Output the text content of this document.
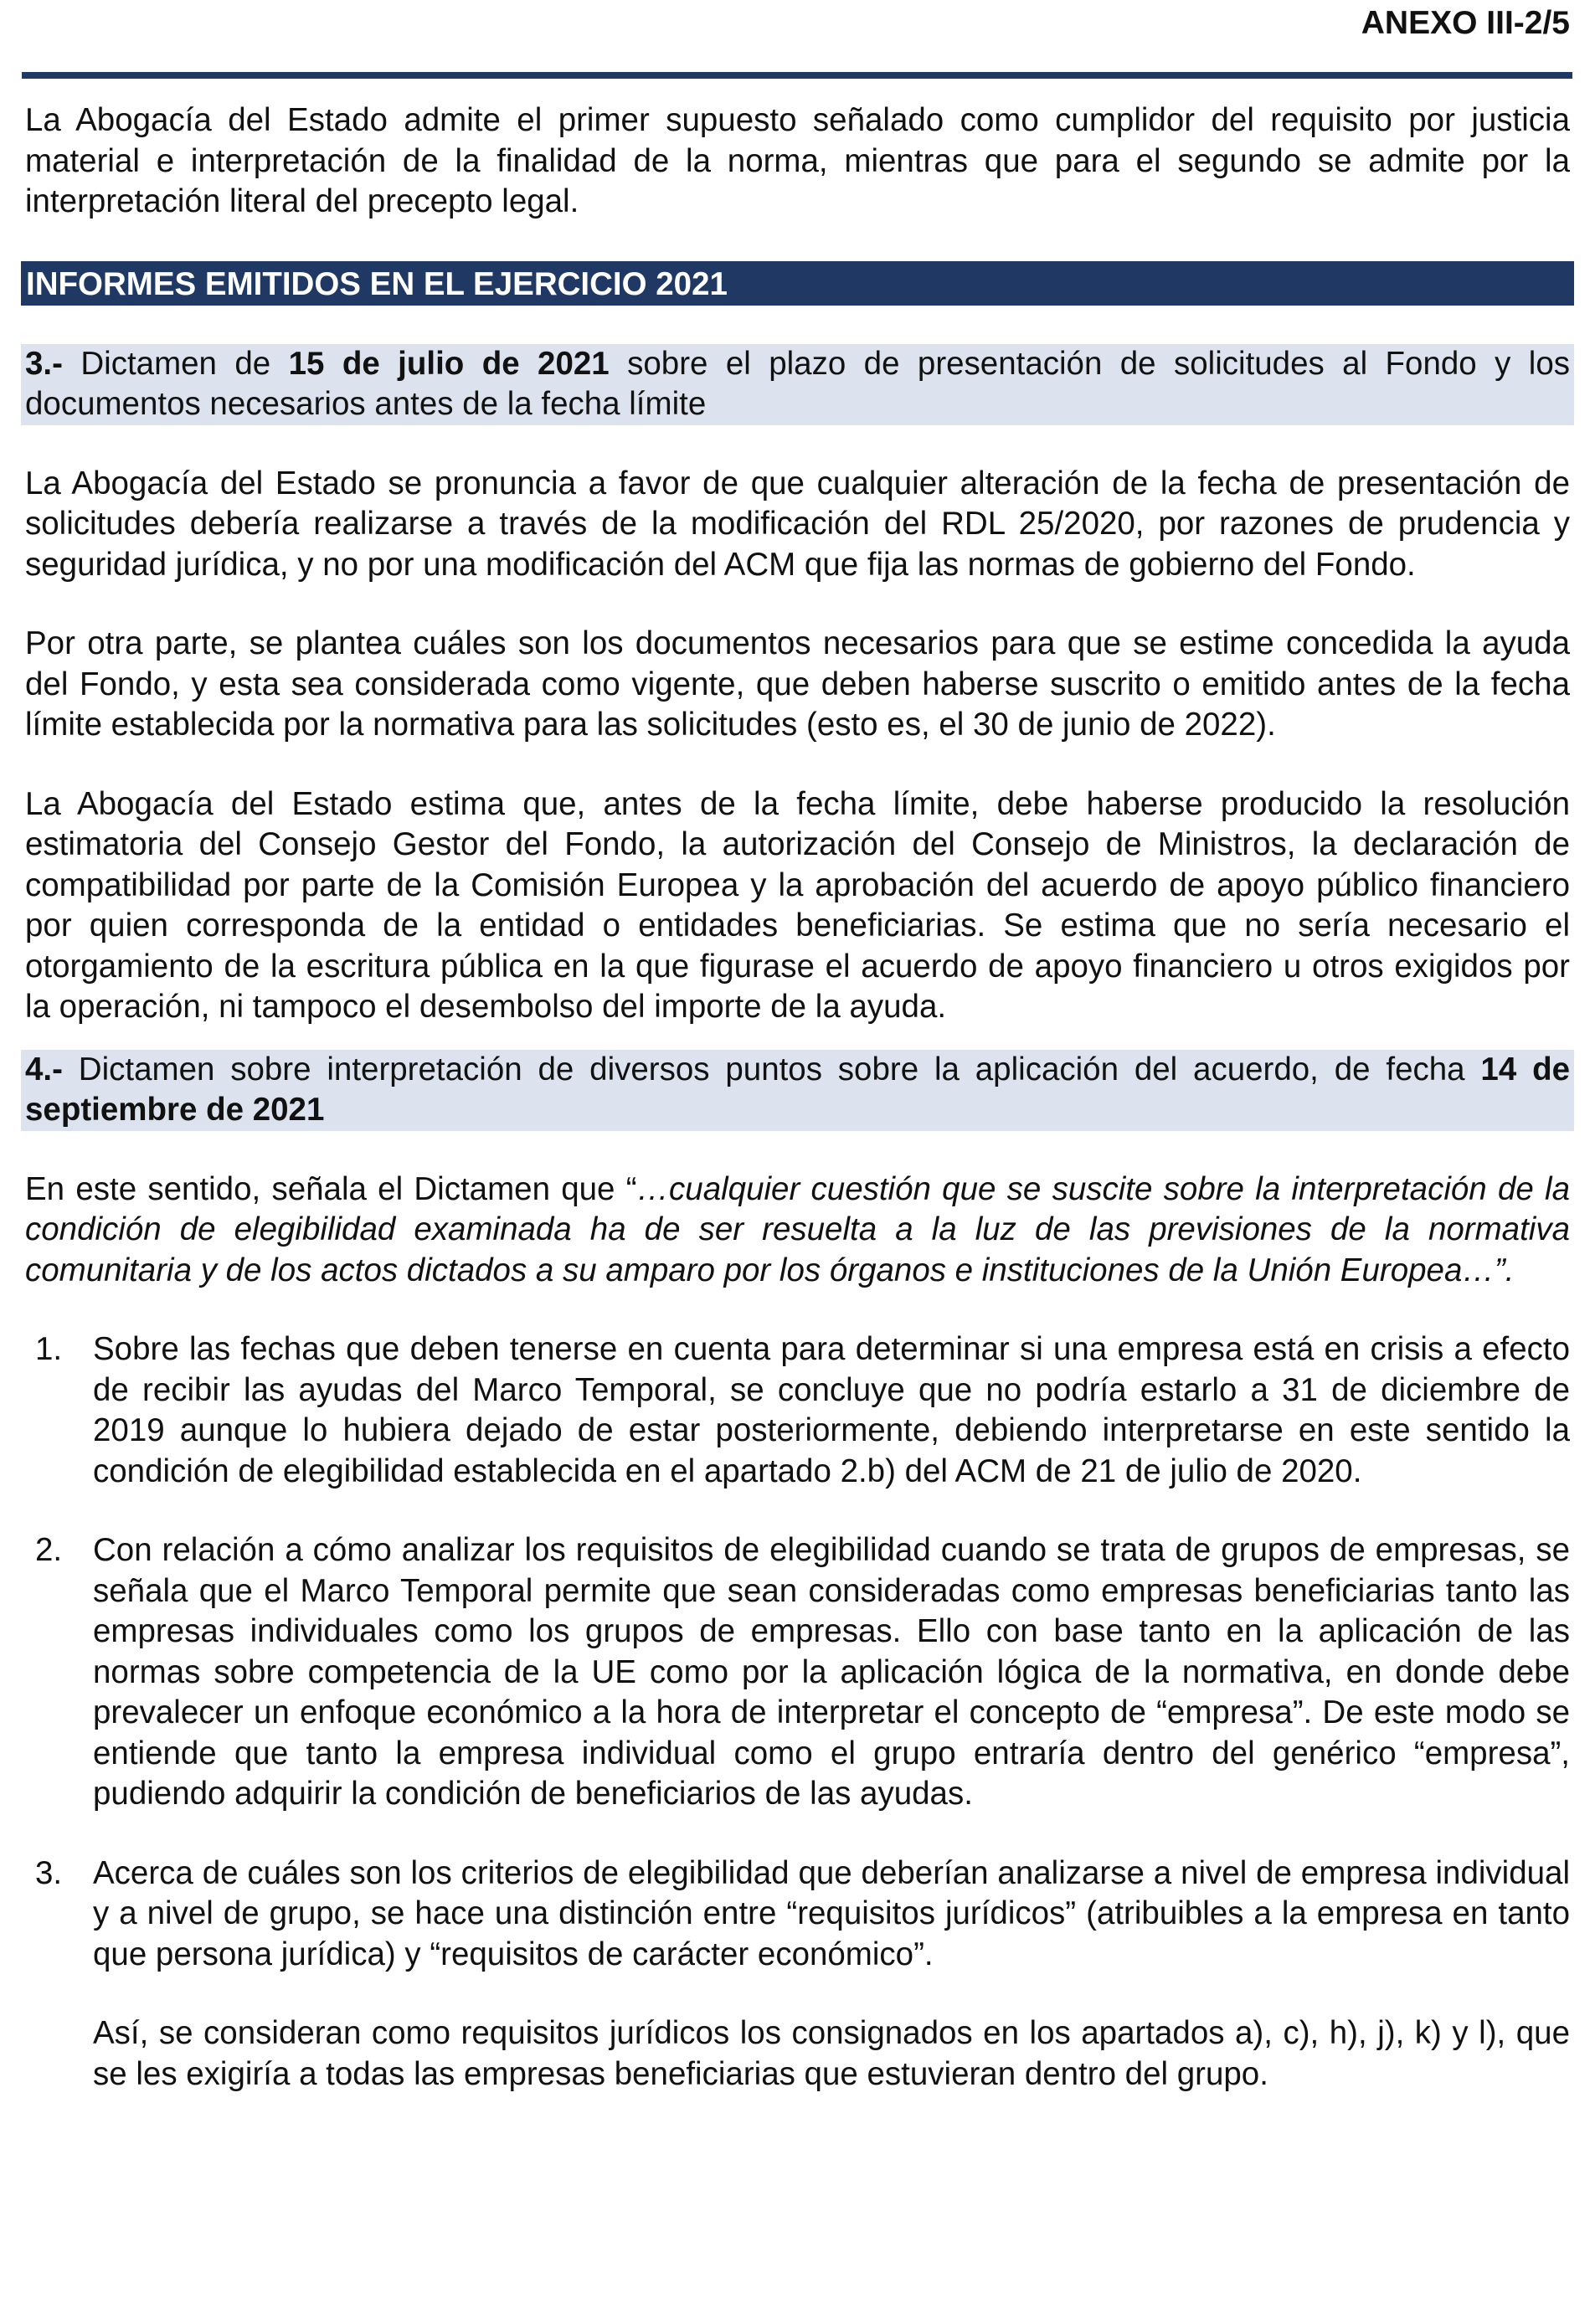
ANEXO III-2/5

La Abogacía del Estado admite el primer supuesto señalado como cumplidor del requisito por justicia material e interpretación de la finalidad de la norma, mientras que para el segundo se admite por la interpretación literal del precepto legal.

INFORMES EMITIDOS EN EL EJERCICIO 2021
3.- Dictamen de 15 de julio de 2021 sobre el plazo de presentación de solicitudes al Fondo y los documentos necesarios antes de la fecha límite

La Abogacía del Estado se pronuncia a favor de que cualquier alteración de la fecha de presentación de solicitudes debería realizarse a través de la modificación del RDL 25/2020, por razones de prudencia y seguridad jurídica, y no por una modificación del ACM que fija las normas de gobierno del Fondo.

Por otra parte, se plantea cuáles son los documentos necesarios para que se estime concedida la ayuda del Fondo, y esta sea considerada como vigente, que deben haberse suscrito o emitido antes de la fecha límite establecida por la normativa para las solicitudes (esto es, el 30 de junio de 2022).

La Abogacía del Estado estima que, antes de la fecha límite, debe haberse producido la resolución estimatoria del Consejo Gestor del Fondo, la autorización del Consejo de Ministros, la declaración de compatibilidad por parte de la Comisión Europea y la aprobación del acuerdo de apoyo público financiero por quien corresponda de la entidad o entidades beneficiarias. Se estima que no sería necesario el otorgamiento de la escritura pública en la que figurase el acuerdo de apoyo financiero u otros exigidos por la operación, ni tampoco el desembolso del importe de la ayuda.

4.- Dictamen sobre interpretación de diversos puntos sobre la aplicación del acuerdo, de fecha 14 de septiembre de 2021

En este sentido, señala el Dictamen que “…cualquier cuestión que se suscite sobre la interpretación de la condición de elegibilidad examinada ha de ser resuelta a la luz de las previsiones de la normativa comunitaria y de los actos dictados a su amparo por los órganos e instituciones de la Unión Europea…”.

1. Sobre las fechas que deben tenerse en cuenta para determinar si una empresa está en crisis a efecto de recibir las ayudas del Marco Temporal, se concluye que no podría estarlo a 31 de diciembre de 2019 aunque lo hubiera dejado de estar posteriormente, debiendo interpretarse en este sentido la condición de elegibilidad establecida en el apartado 2.b) del ACM de 21 de julio de 2020.
2. Con relación a cómo analizar los requisitos de elegibilidad cuando se trata de grupos de empresas, se señala que el Marco Temporal permite que sean consideradas como empresas beneficiarias tanto las empresas individuales como los grupos de empresas. Ello con base tanto en la aplicación de las normas sobre competencia de la UE como por la aplicación lógica de la normativa, en donde debe prevalecer un enfoque económico a la hora de interpretar el concepto de “empresa”. De este modo se entiende que tanto la empresa individual como el grupo entraría dentro del genérico “empresa”, pudiendo adquirir la condición de beneficiarios de las ayudas.
3. Acerca de cuáles son los criterios de elegibilidad que deberían analizarse a nivel de empresa individual y a nivel de grupo, se hace una distinción entre “requisitos jurídicos” (atribuibles a la empresa en tanto que persona jurídica) y “requisitos de carácter económico”.

Así, se consideran como requisitos jurídicos los consignados en los apartados a), c), h), j), k) y l), que se les exigiría a todas las empresas beneficiarias que estuvieran dentro del grupo.
